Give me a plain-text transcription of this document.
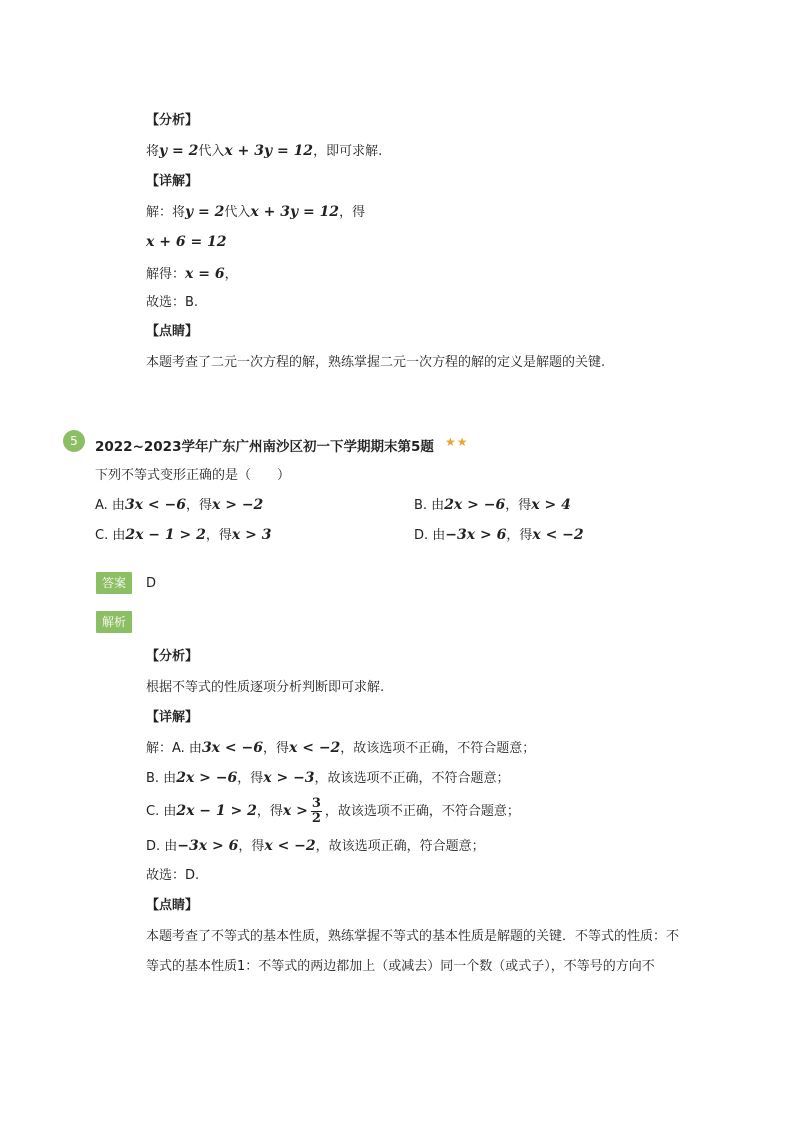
【分析】
将y = 2代入x + 3y = 12，即可求解.
【详解】
解：将y = 2代入x + 3y = 12，得
x + 6 = 12
解得：x = 6，
故选：B.
【点睛】
本题考查了二元一次方程的解，熟练掌握二元一次方程的解的定义是解题的关键.
5	2022~2023学年广东广州南沙区初一下学期期末第5题 ★★
下列不等式变形正确的是（　　）
A. 由3x < −6，得x > −2	B. 由2x > −6，得x > 4
C. 由2x − 1 > 2，得x > 3	D. 由−3x > 6，得x < −2
答案	D
解析
【分析】
根据不等式的性质逐项分析判断即可求解.
【详解】
解：A. 由3x < −6，得x < −2，故该选项不正确，不符合题意；
B. 由2x > −6，得x > −3，故该选项不正确，不符合题意；
C. 由2x − 1 > 2，得$x > \frac{3}{2}$ ，故该选项不正确，不符合题意；
D. 由−3x > 6，得x < −2，故该选项正确，符合题意；
故选：D.
【点睛】
本题考查了不等式的基本性质，熟练掌握不等式的基本性质是解题的关键．不等式的性质：不
等式的基本性质1：不等式的两边都加上（或减去）同一个数（或式子），不等号的方向不
